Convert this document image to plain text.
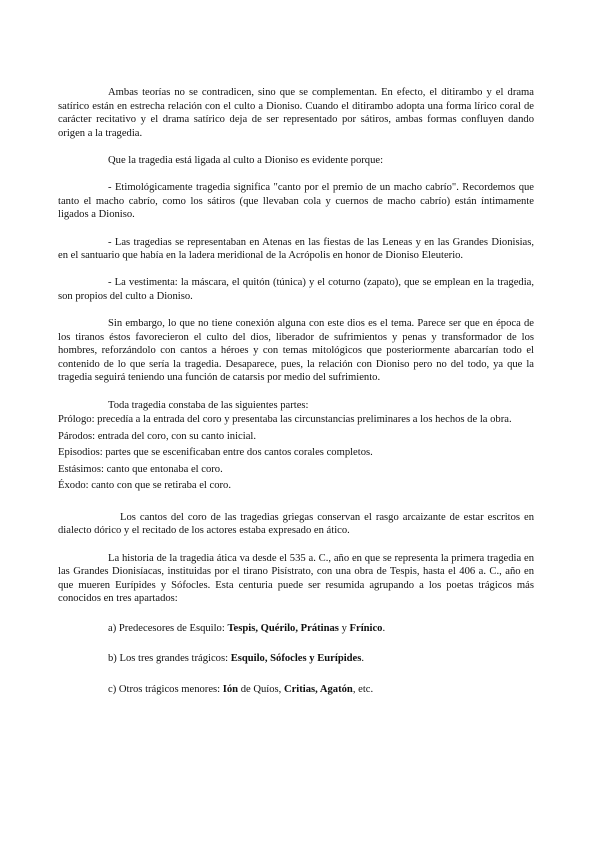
Ambas teorías no se contradicen, sino que se complementan. En efecto, el ditirambo y el drama satírico están en estrecha relación con el culto a Dioniso. Cuando el ditirambo adopta una forma lírico coral de carácter recitativo y el drama satírico deja de ser representado por sátiros, ambas formas confluyen dando origen a la tragedia.

Que la tragedia está ligada al culto a Dioniso es evidente porque:

- Etimológicamente tragedia significa "canto por el premio de un macho cabrío". Recordemos que tanto el macho cabrío, como los sátiros (que llevaban cola y cuernos de macho cabrío) están íntimamente ligados a Dioniso.

- Las tragedias se representaban en Atenas en las fiestas de las Leneas y en las Grandes Dionisias, en el santuario que había en la ladera meridional de la Acrópolis en honor de Dioniso Eleuterio.

- La vestimenta: la máscara, el quitón (túnica) y el coturno (zapato), que se emplean en la tragedia, son propios del culto a Dioniso.

Sin embargo, lo que no tiene conexión alguna con este dios es el tema. Parece ser que en época de los tiranos éstos favorecieron el culto del dios, liberador de sufrimientos y penas y transformador de los hombres, reforzándolo con cantos a héroes y con temas mitológicos que posteriormente abarcarían todo el contenido de lo que sería la tragedia. Desaparece, pues, la relación con Dioniso pero no del todo, ya que la tragedia seguirá teniendo una función de catarsis por medio del sufrimiento.

Toda tragedia constaba de las siguientes partes:

Prólogo : precedía a la entrada del coro y presentaba las circunstancias preliminares a los hechos de la obra.
Párodos : entrada del coro, con su canto inicial.
Episodios : partes que se escenificaban entre dos cantos corales completos.
Estásimos : canto que entonaba el coro.
Éxodo : canto con que se retiraba el coro.

Los cantos del coro de las tragedias griegas conservan el rasgo arcaizante de estar escritos en dialecto dórico y el recitado de los actores estaba expresado en ático.

La historia de la tragedia ática va desde el 535 a. C., año en que se representa la primera tragedia en las Grandes Dionisíacas, instituidas por el tirano Pisístrato, con una obra de Tespis, hasta el 406 a. C., año en que mueren Eurípides y Sófocles. Esta centuria puede ser resumida agrupando a los poetas trágicos más conocidos en tres apartados:

a) Predecesores de Esquilo: Tespis, Quérilo, Prátinas y Frínico.

b) Los tres grandes trágicos: Esquilo, Sófocles y Eurípides.

c) Otros trágicos menores: Ión de Quíos, Critias, Agatón, etc.
